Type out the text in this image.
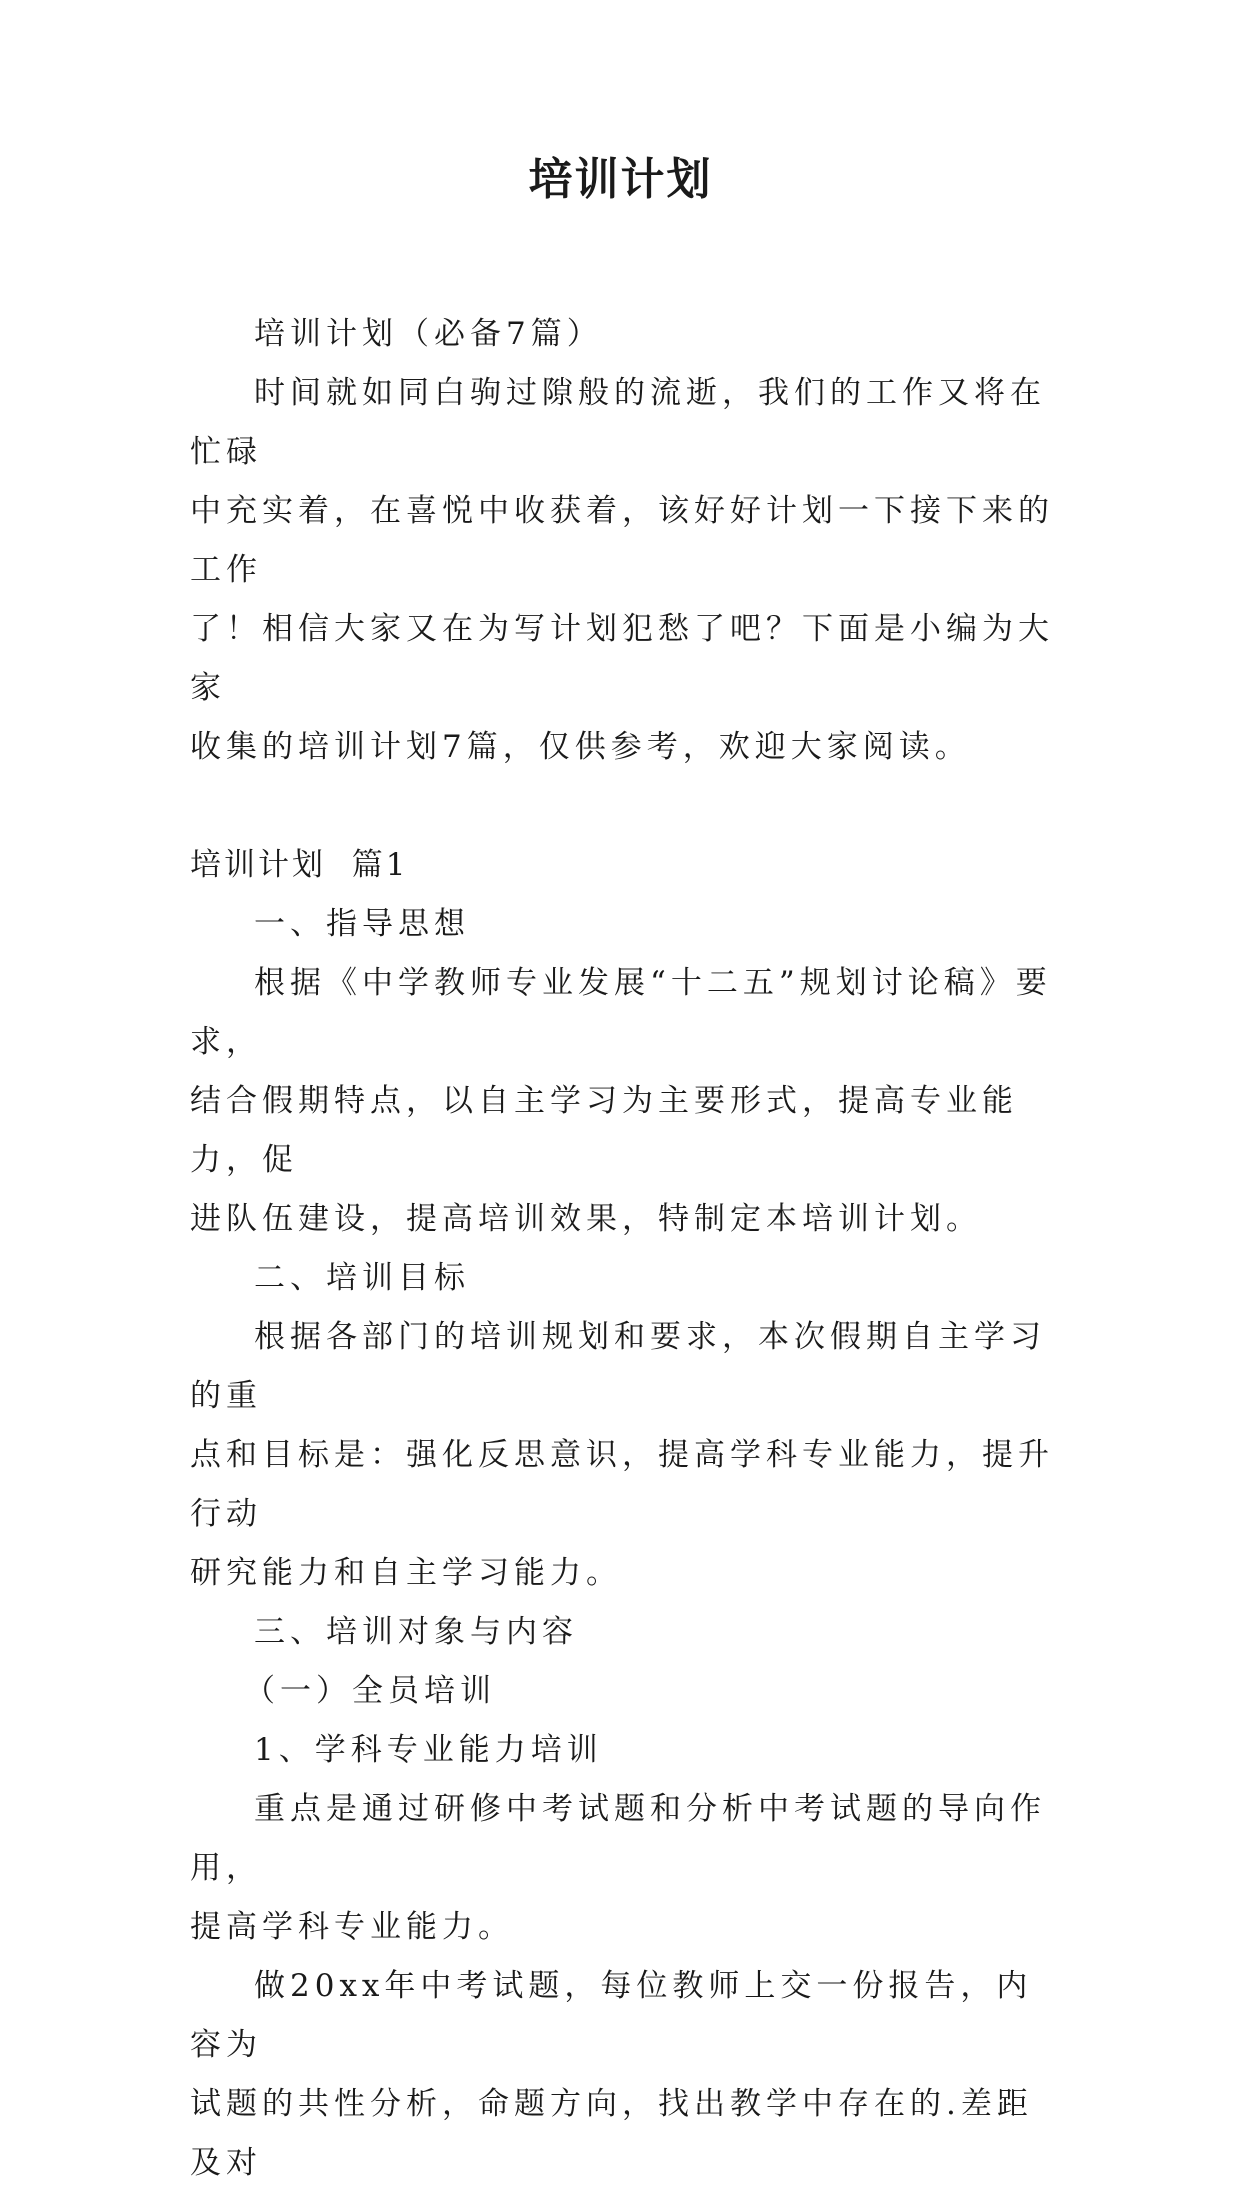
培训计划

培训计划（必备7篇）

时间就如同白驹过隙般的流逝，我们的工作又将在忙碌

中充实着，在喜悦中收获着，该好好计划一下接下来的工作

了！相信大家又在为写计划犯愁了吧？下面是小编为大家

收集的培训计划7篇，仅供参考，欢迎大家阅读。

培训计划  篇1

一、指导思想

根据《中学教师专业发展“十二五”规划讨论稿》要求，

结合假期特点，以自主学习为主要形式，提高专业能力，促

进队伍建设，提高培训效果，特制定本培训计划。

二、培训目标

根据各部门的培训规划和要求，本次假期自主学习的重

点和目标是：强化反思意识，提高学科专业能力，提升行动

研究能力和自主学习能力。

三、培训对象与内容

（一）全员培训

1、学科专业能力培训

重点是通过研修中考试题和分析中考试题的导向作用，

提高学科专业能力。

做20xx年中考试题，每位教师上交一份报告，内容为

试题的共性分析，命题方向，找出教学中存在的.差距及对
